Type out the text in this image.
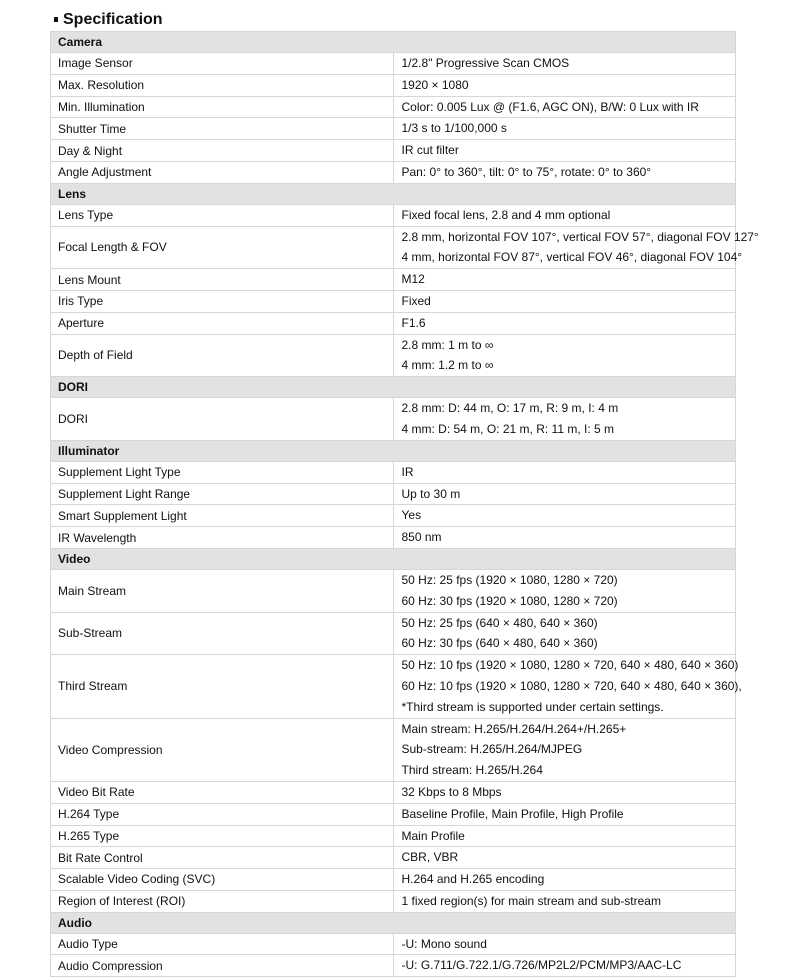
Specification
Camera	
Image Sensor	1/2.8" Progressive Scan CMOS

Max. Resolution	1920 × 1080

Min. Illumination	Color: 0.005 Lux @ (F1.6, AGC ON), B/W: 0 Lux with IR

Shutter Time	1/3 s to 1/100,000 s

Day & Night	IR cut filter

Angle Adjustment	Pan: 0° to 360°, tilt: 0° to 75°, rotate: 0° to 360°

Lens	
Lens Type	Fixed focal lens, 2.8 and 4 mm optional

Focal Length & FOV	2.8 mm, horizontal FOV 107°, vertical FOV 57°, diagonal FOV 127°
4 mm, horizontal FOV 87°, vertical FOV 46°, diagonal FOV 104°

Lens Mount	M12

Iris Type	Fixed

Aperture	F1.6

Depth of Field	2.8 mm: 1 m to ∞
4 mm: 1.2 m to ∞

DORI	
DORI	2.8 mm: D: 44 m, O: 17 m, R: 9 m, I: 4 m
4 mm: D: 54 m, O: 21 m, R: 11 m, I: 5 m

Illuminator	
Supplement Light Type	IR

Supplement Light Range	Up to 30 m

Smart Supplement Light	Yes

IR Wavelength	850 nm

Video	
Main Stream	50 Hz: 25 fps (1920 × 1080, 1280 × 720)
60 Hz: 30 fps (1920 × 1080, 1280 × 720)

Sub-Stream	50 Hz: 25 fps (640 × 480, 640 × 360)
60 Hz: 30 fps (640 × 480, 640 × 360)

Third Stream	50 Hz: 10 fps (1920 × 1080, 1280 × 720, 640 × 480, 640 × 360)
60 Hz: 10 fps (1920 × 1080, 1280 × 720, 640 × 480, 640 × 360),
*Third stream is supported under certain settings.

Video Compression	Main stream: H.265/H.264/H.264+/H.265+
Sub-stream: H.265/H.264/MJPEG
Third stream: H.265/H.264

Video Bit Rate	32 Kbps to 8 Mbps

H.264 Type	Baseline Profile, Main Profile, High Profile

H.265 Type	Main Profile

Bit Rate Control	CBR, VBR

Scalable Video Coding (SVC)	H.264 and H.265 encoding

Region of Interest (ROI)	1 fixed region(s) for main stream and sub-stream

Audio	
Audio Type	-U: Mono sound

Audio Compression	-U: G.711/G.722.1/G.726/MP2L2/PCM/MP3/AAC-LC
